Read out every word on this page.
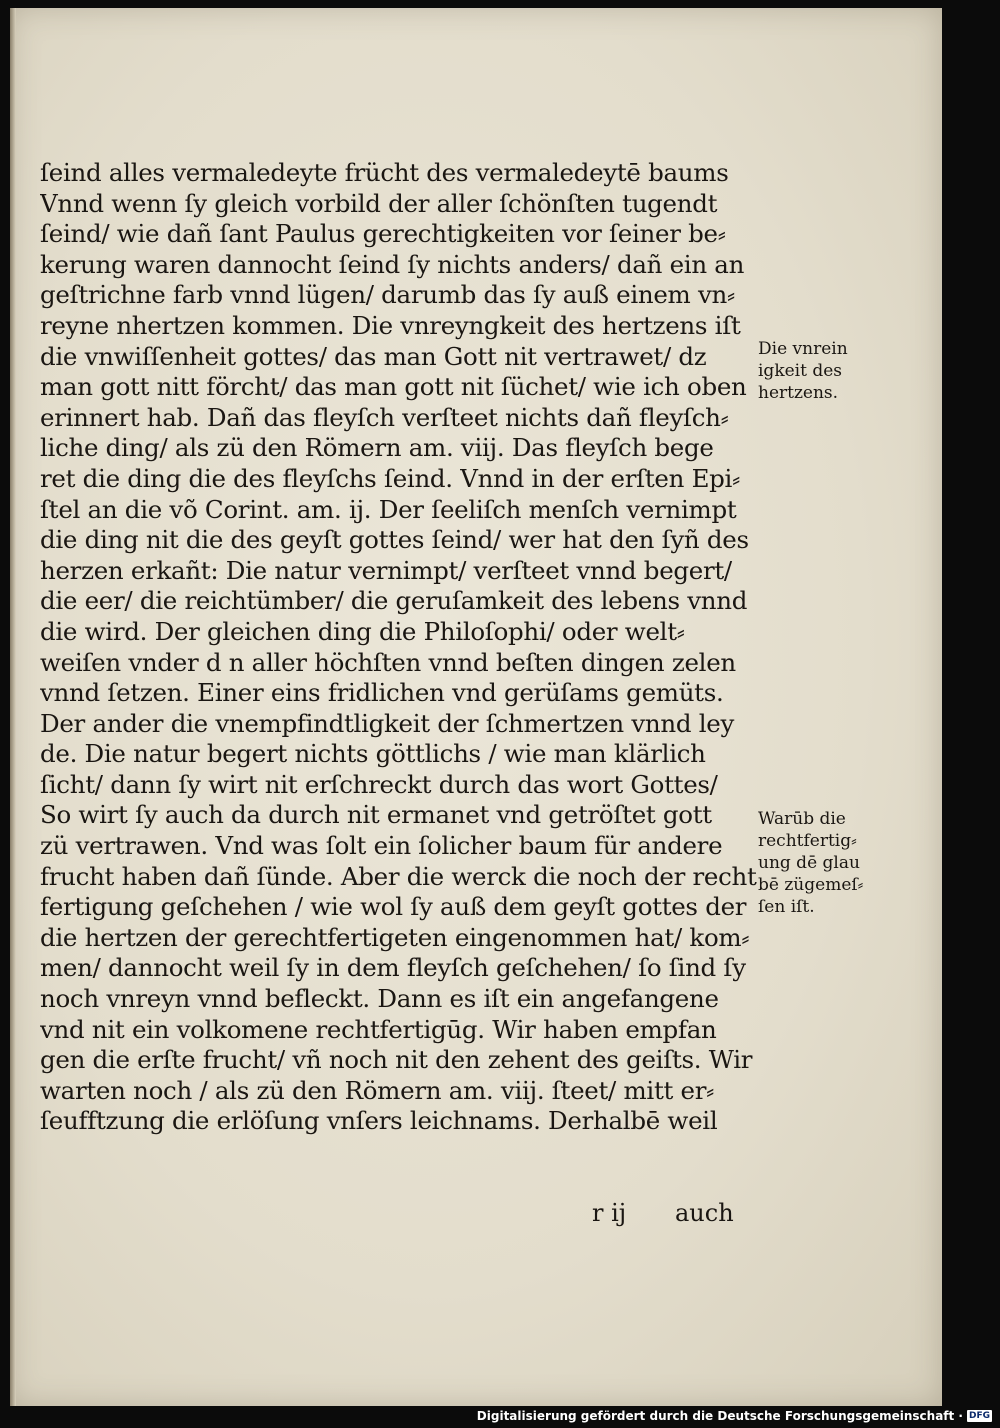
ſeind alles vermaledeyte frücht des vermaledeytē baums
Vnnd wenn ſy gleich vorbild der aller ſchönſten tugendt
ſeind/ wie dañ ſant Paulus gerechtigkeiten vor ſeiner be⸗
kerung waren dannocht ſeind ſy nichts anders/ dañ ein an
geſtrichne farb vnnd lügen/ darumb das ſy auß einem vn⸗
reyne nhertzen kommen. Die vnreyngkeit des hertzens iſt
die vnwiſſenheit gottes/ das man Gott nit vertrawet/ dz
man gott nitt förcht/ das man gott nit ſüchet/ wie ich oben
erinnert hab. Dañ das fleyſch verſteet nichts dañ fleyſch⸗
liche ding/ als zü den Römern am. viij. Das fleyſch bege
ret die ding die des fleyſchs ſeind. Vnnd in der erſten Epi⸗
ſtel an die võ Corint. am. ij. Der ſeeliſch menſch vernimpt
die ding nit die des geyſt gottes ſeind/ wer hat den ſyñ des
herzen erkañt: Die natur vernimpt/ verſteet vnnd begert/
die eer/ die reichtümber/ die geruſamkeit des lebens vnnd
die wird. Der gleichen ding die Philoſophi/ oder welt⸗
weiſen vnder d n aller höchſten vnnd beſten dingen zelen
vnnd ſetzen. Einer eins fridlichen vnd gerüſams gemüts.
Der ander die vnempfindtligkeit der ſchmertzen vnnd ley
de. Die natur begert nichts göttlichs / wie man klärlich
ſicht/ dann ſy wirt nit erſchreckt durch das wort Gottes/
So wirt ſy auch da durch nit ermanet vnd getröſtet gott
zü vertrawen. Vnd was ſolt ein ſolicher baum für andere
frucht haben dañ ſünde. Aber die werck die noch der recht
fertigung geſchehen / wie wol ſy auß dem geyſt gottes der
die hertzen der gerechtfertigeten eingenommen hat/ kom⸗
men/ dannocht weil ſy in dem fleyſch geſchehen/ ſo ſind ſy
noch vnreyn vnnd befleckt. Dann es iſt ein angefangene
vnd nit ein volkomene rechtfertigūg. Wir haben empfan
gen die erſte frucht/ vñ noch nit den zehent des geiſts. Wir
warten noch / als zü den Römern am. viij. ſteet/ mitt er⸗
ſeufftzung die erlöſung vnſers leichnams. Derhalbē weil
r ij auch
Die vnrein
igkeit des
hertzens.
Warūb die
rechtfertig⸗
ung dē glau
bē zügemeſ⸗
ſen iſt.
Digitalisierung gefördert durch die Deutsche Forschungsgemeinschaft · DFG
